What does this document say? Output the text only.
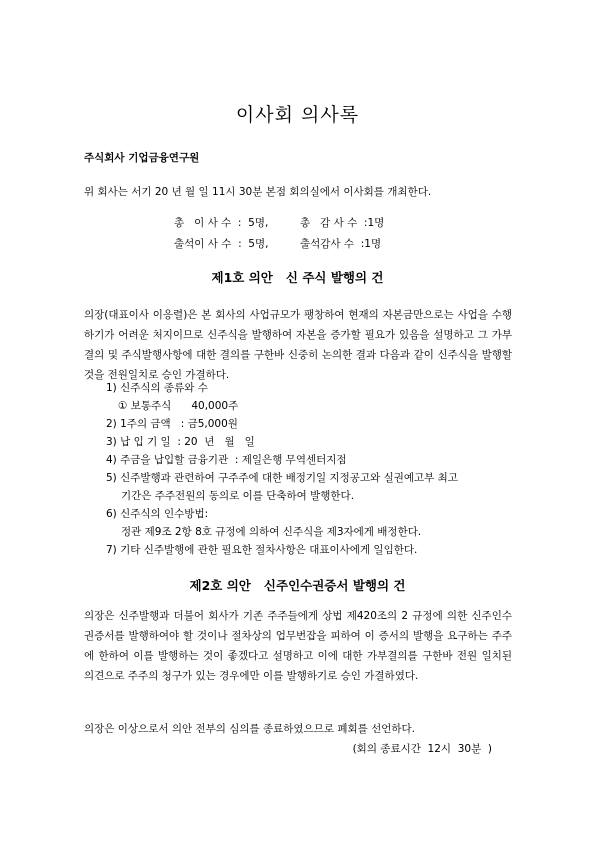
이사회 의사록
주식회사 기업금융연구원
위 회사는 서기 20 년 월 일 11시 30분 본점 회의실에서 이사회를 개최한다.
총   이 사 수  :  5명,	총   감 사 수  :1명
출석이 사 수  :  5명,	출석감사 수  :1명
제1호 의안   신 주식 발행의 건

의장(대표이사 이응렬)은 본 회사의 사업규모가 팽창하여 현재의 자본금만으로는 사업을 수행하기가 어려운 처지이므로 신주식을 발행하여 자본을 증가할 필요가 있음을 설명하고 그 가부결의 및 주식발행사항에 대한 결의를 구한바 신중히 논의한 결과 다음과 같이 신주식을 발행할 것을 전원일치로 승인 가결하다.

1) 신주식의 종류와 수
① 보통주식      40,000주
2) 1주의 금액   : 금5,000원
3) 납 입 기 일  : 20  년   월   일
4) 주금을 납입할 금융기관  : 제일은행 무역센터지점
5) 신주발행과 관련하여 구주주에 대한 배정기일 지정공고와 실권예고부 최고
기간은 주주전원의 동의로 이를 단축하여 발행한다.
6) 신주식의 인수방법:
정관 제9조 2항 8호 규정에 의하여 신주식을 제3자에게 배정한다.
7) 기타 신주발행에 관한 필요한 절차사항은 대표이사에게 일임한다.
제2호 의안   신주인수권증서 발행의 건

의장은 신주발행과 더불어 회사가 기존 주주들에게 상법 제420조의 2 규정에 의한 신주인수권증서를 발행하여야 할 것이나 절차상의 업무번잡을 피하여 이 증서의 발행을 요구하는 주주에 한하여 이를 발행하는 것이 좋겠다고 설명하고 이에 대한 가부결의를 구한바 전원 일치된 의견으로 주주의 청구가 있는 경우에만 이를 발행하기로 승인 가결하였다.

의장은 이상으로서 의안 전부의 심의를 종료하였으므로 폐회를 선언하다.
(회의 종료시간  12시  30분  )
